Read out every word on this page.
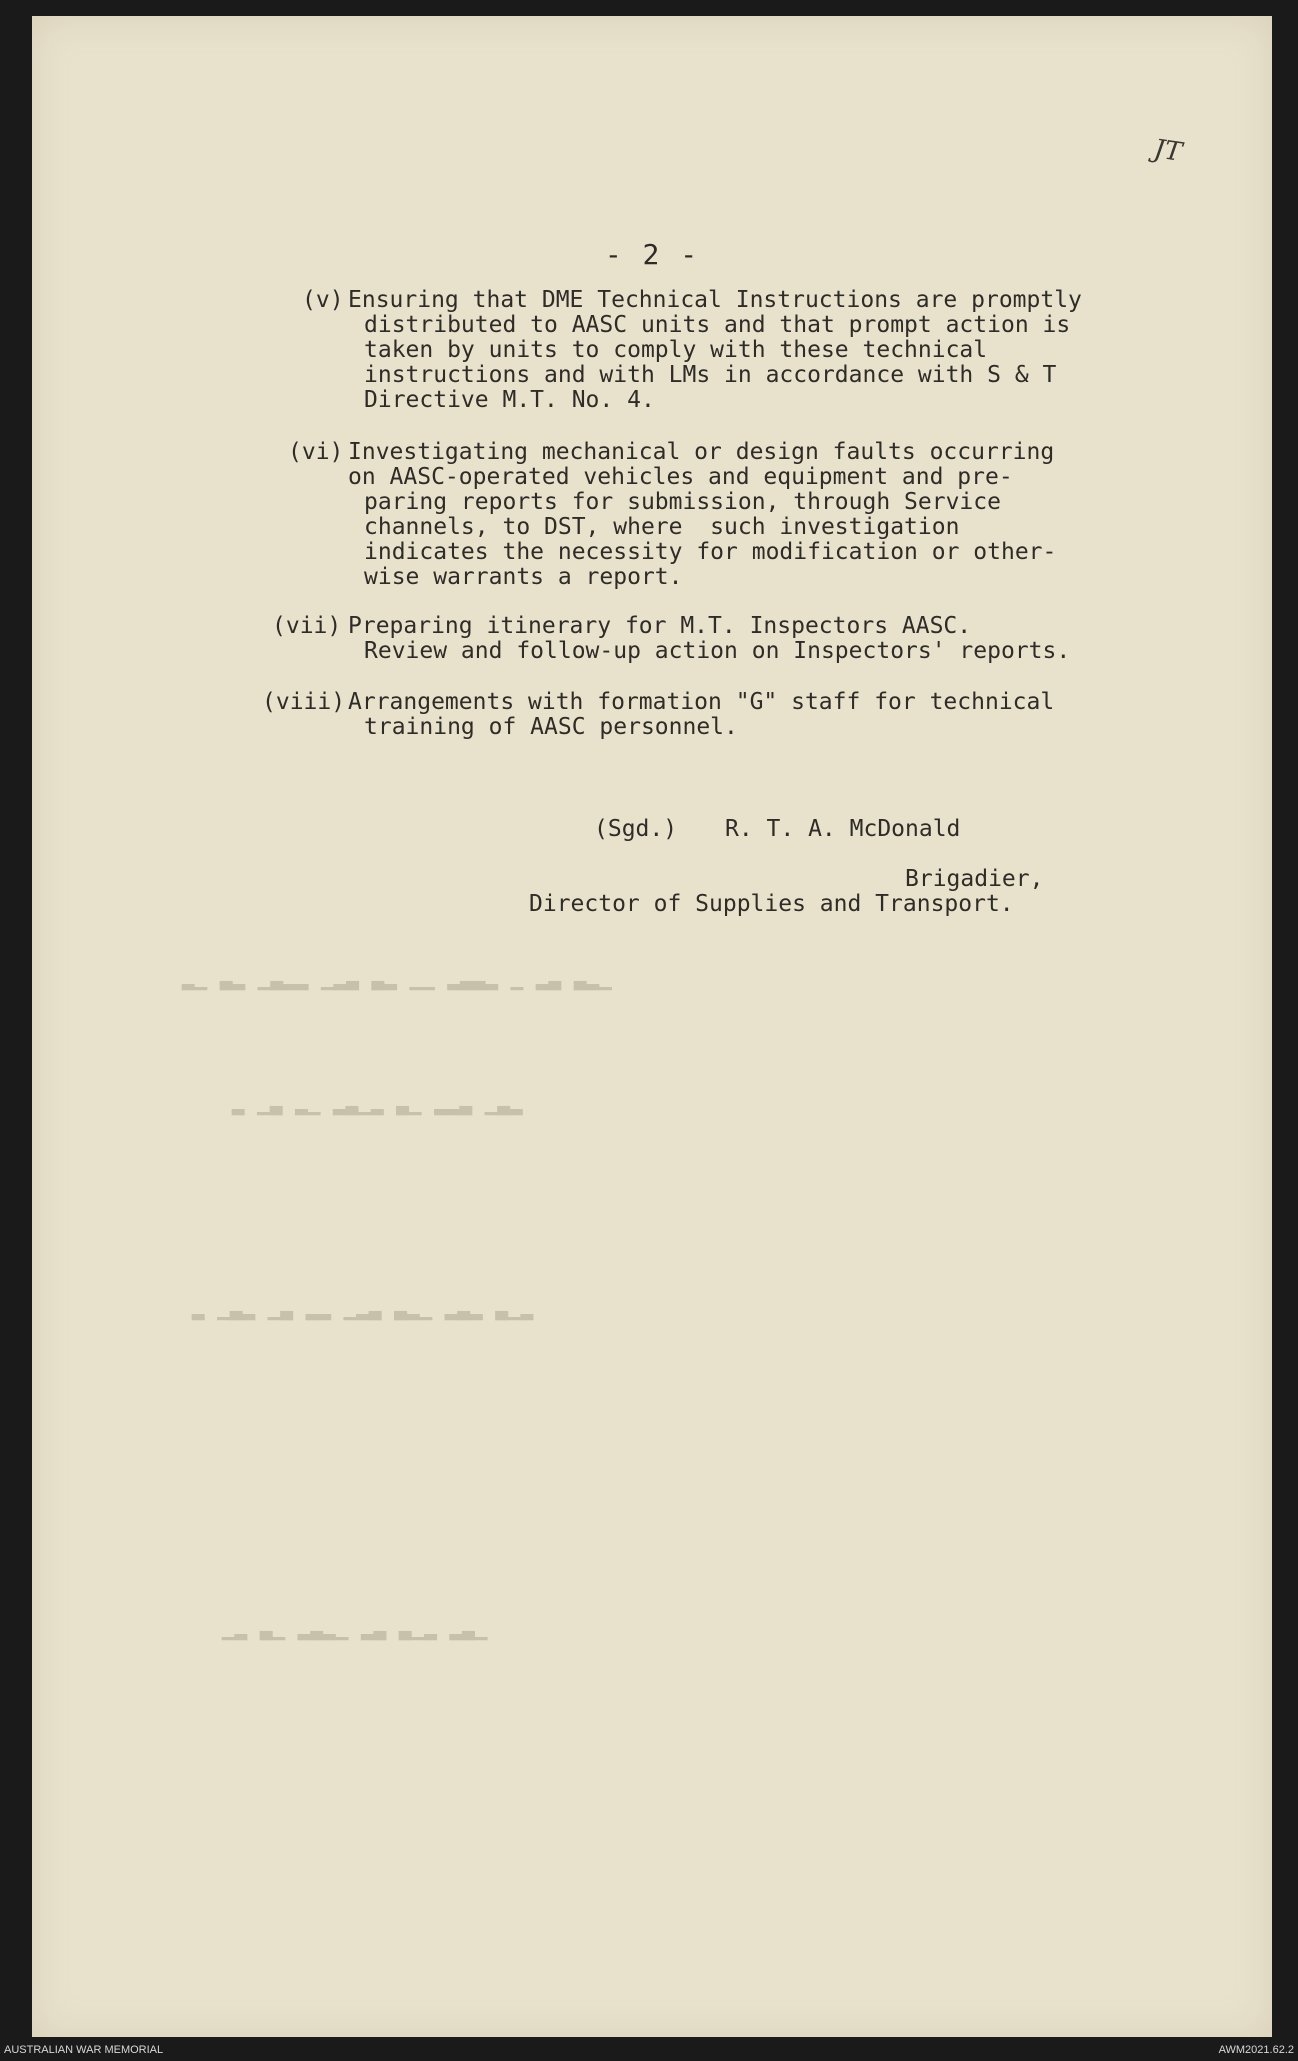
▁▂▃ ▃▂ ▁ ▂▃▃▂ ▁▁ ▂▃ ▃▂▁ ▂▂▃▁ ▂▃ ▁▂
▂▃▁ ▃▂▂ ▁▃ ▂▁▃▂ ▁▂ ▃▁ ▂
▂▁▃ ▂▃▂ ▁▂▃ ▃▂▁ ▂▂ ▃▁ ▂▃▁ ▂
▁▃▂ ▂▁▃ ▃▂ ▁▂▃▂ ▁▃ ▂▁
JT
- 2 -
(v) Ensuring that DME Technical Instructions are promptly
distributed to AASC units and that prompt action is
taken by units to comply with these technical
instructions and with LMs in accordance with S & T
Directive M.T. No. 4.
(vi) Investigating mechanical or design faults occurring
on AASC-operated vehicles and equipment and pre-
paring reports for submission, through Service
channels, to DST, where  such investigation
indicates the necessity for modification or other-
wise warrants a report.
(vii) Preparing itinerary for M.T. Inspectors AASC.
Review and follow-up action on Inspectors' reports.
(viii) Arrangements with formation "G" staff for technical
training of AASC personnel.
(Sgd.) R. T. A. McDonald
Brigadier,
Director of Supplies and Transport.
AUSTRALIAN WAR MEMORIAL	AWM2021.62.2
